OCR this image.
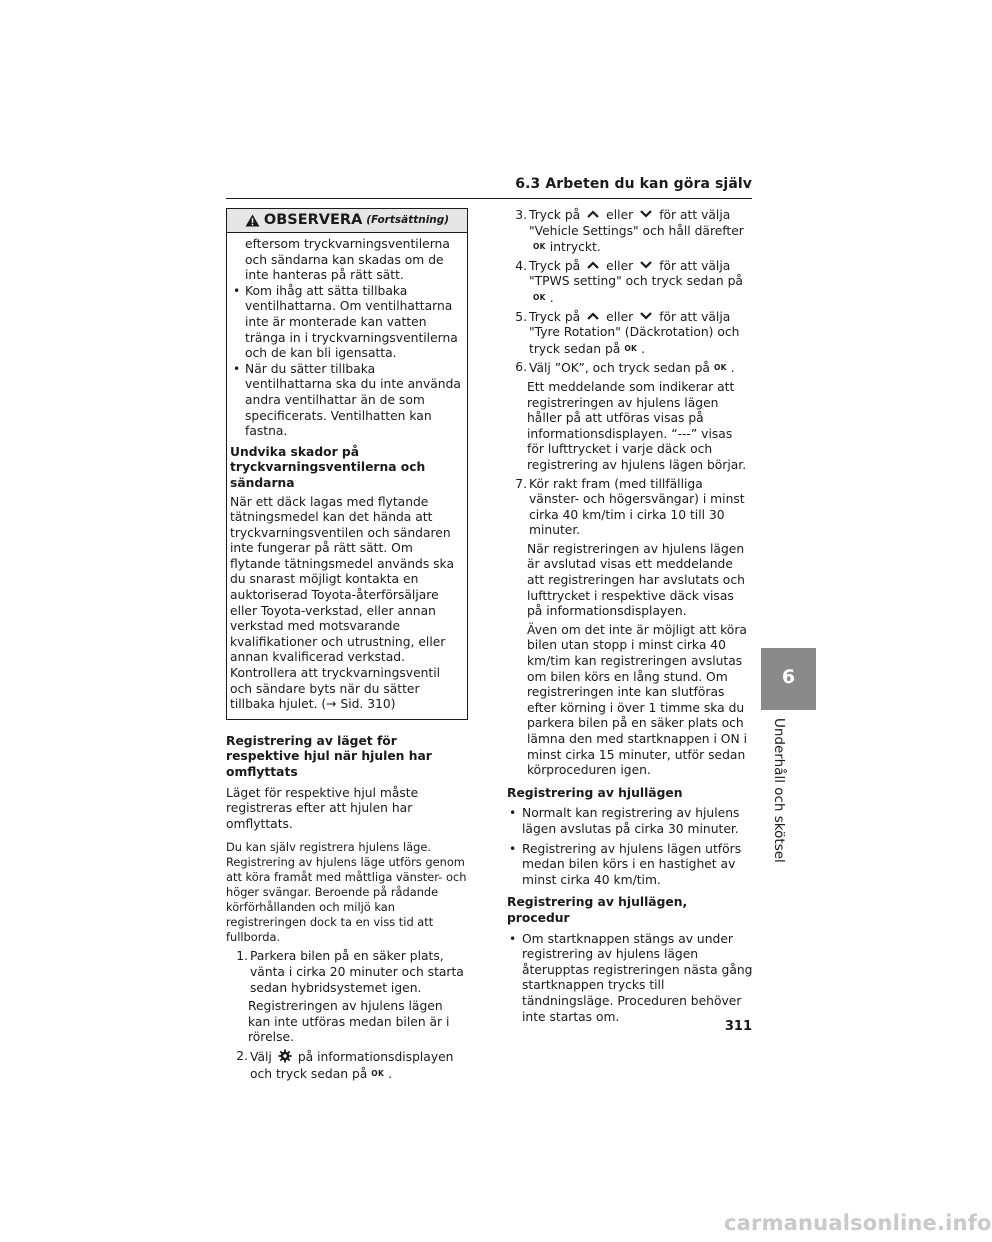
6.3 Arbeten du kan göra själv
OBSERVERA (Fortsättning)

eftersom tryckvarningsventilerna och sändarna kan skadas om de inte hanteras på rätt sätt.

• Kom ihåg att sätta tillbaka ventilhattarna. Om ventilhattarna inte är monterade kan vatten tränga in i tryckvarningsventilerna och de kan bli igensatta.
• När du sätter tillbaka ventilhattarna ska du inte använda andra ventilhattar än de som specificerats. Ventilhatten kan fastna.
Undvika skador på tryckvarningsventilerna och sändarna

När ett däck lagas med flytande tätningsmedel kan det hända att tryckvarningsventilen och sändaren inte fungerar på rätt sätt. Om flytande tätningsmedel används ska du snarast möjligt kontakta en auktoriserad Toyota-återförsäljare eller Toyota-verkstad, eller annan verkstad med motsvarande kvalifikationer och utrustning, eller annan kvalificerad verkstad. Kontrollera att tryckvarningsventil och sändare byts när du sätter tillbaka hjulet. (→ Sid. 310)

Registrering av läget för respektive hjul när hjulen har omflyttats

Läget för respektive hjul måste registreras efter att hjulen har omflyttats.

Du kan själv registrera hjulens läge. Registrering av hjulens läge utförs genom att köra framåt med måttliga vänster- och höger svängar. Beroende på rådande körförhållanden och miljö kan registreringen dock ta en viss tid att fullborda.

1. Parkera bilen på en säker plats, vänta i cirka 20 minuter och starta sedan hybridsystemet igen.

Registreringen av hjulens lägen kan inte utföras medan bilen är i rörelse.

2. Välj på informationsdisplayen och tryck sedan på OK .
3. Tryck på eller för att välja "Vehicle Settings" och håll därefter
OK intryckt.
4. Tryck på eller för att välja "TPWS setting" och tryck sedan på
OK .
5. Tryck på eller för att välja "Tyre Rotation" (Däckrotation) och tryck sedan på OK .
6. Välj ”OK”, och tryck sedan på OK .

Ett meddelande som indikerar att registreringen av hjulens lägen håller på att utföras visas på informationsdisplayen. “---” visas för lufttrycket i varje däck och registrering av hjulens lägen börjar.

7. Kör rakt fram (med tillfälliga vänster- och högersvängar) i minst cirka 40 km/tim i cirka 10 till 30 minuter.

När registreringen av hjulens lägen är avslutad visas ett meddelande att registreringen har avslutats och lufttrycket i respektive däck visas på informationsdisplayen.

Även om det inte är möjligt att köra bilen utan stopp i minst cirka 40 km/tim kan registreringen avslutas om bilen körs en lång stund. Om registreringen inte kan slutföras efter körning i över 1 timme ska du parkera bilen på en säker plats och lämna den med startknappen i ON i minst cirka 15 minuter, utför sedan körproceduren igen.

Registrering av hjullägen
• Normalt kan registrering av hjulens lägen avslutas på cirka 30 minuter.
• Registrering av hjulens lägen utförs medan bilen körs i en hastighet av minst cirka 40 km/tim.
Registrering av hjullägen, procedur
• Om startknappen stängs av under registrering av hjulens lägen återupptas registreringen nästa gång startknappen trycks till tändningsläge. Proceduren behöver inte startas om.
311
6
Underhåll och skötsel
carmanualsonline.info
